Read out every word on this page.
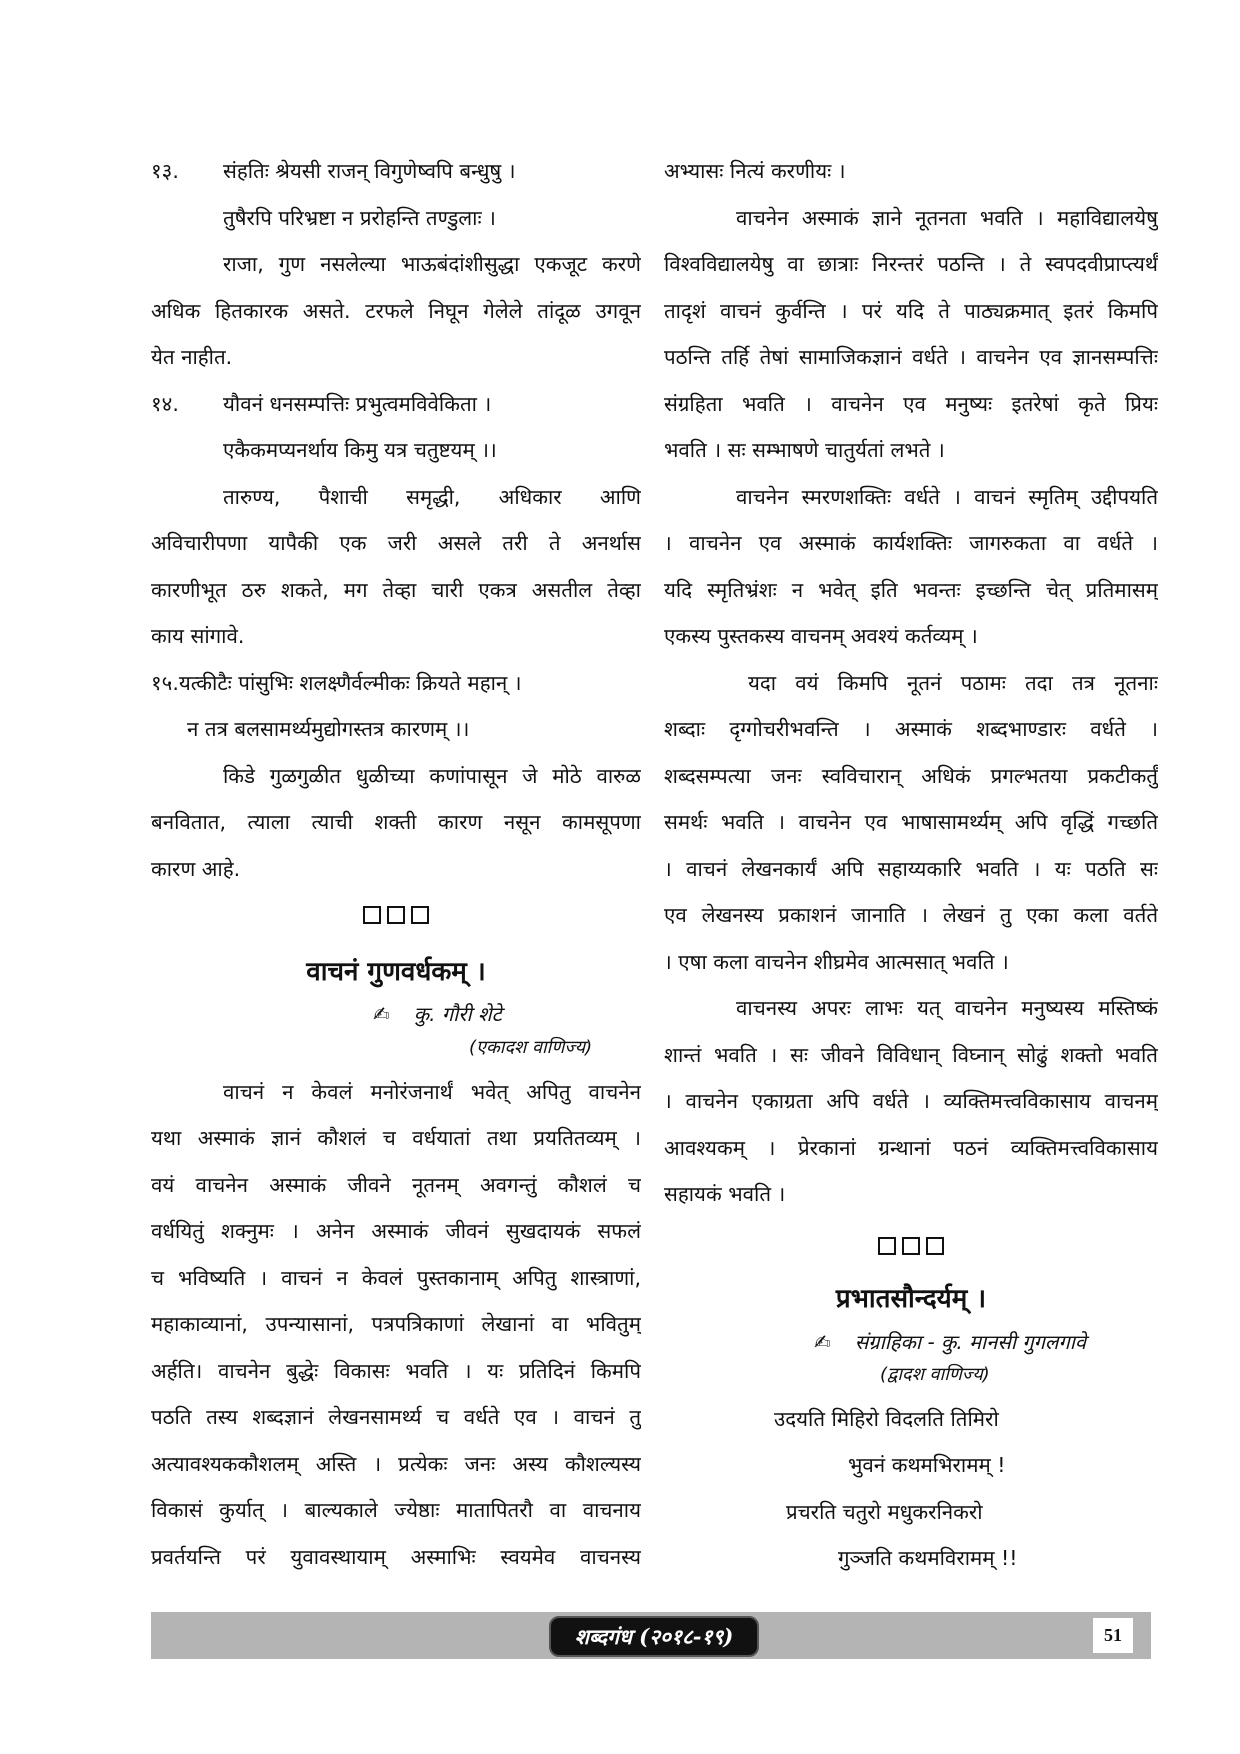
१३. संहतिः श्रेयसी राजन् विगुणेष्वपि बन्धुषु ।
तुषैरपि परिभ्रष्टा न प्ररोहन्ति तण्डुलाः ।
राजा, गुण नसलेल्या भाऊबंदांशीसुद्धा एकजूट करणे
अधिक हितकारक असते. टरफले निघून गेलेले तांदूळ उगवून
येत नाहीत.
१४. यौवनं धनसम्पत्तिः प्रभुत्वमविवेकिता ।
एकैकमप्यनर्थाय किमु यत्र चतुष्टयम् ।।
तारुण्य, पैशाची समृद्धी, अधिकार आणि
अविचारीपणा यापैकी एक जरी असले तरी ते अनर्थास
कारणीभूत ठरु शकते, मग तेव्हा चारी एकत्र असतील तेव्हा
काय सांगावे.
१५.यत्कीटैः पांसुभिः शलक्ष्णैर्वल्मीकः क्रियते महान् ।
न तत्र बलसामर्थ्यमुद्योगस्तत्र कारणम् ।।
किडे गुळगुळीत धुळीच्या कणांपासून जे मोठे वारुळ
बनवितात, त्याला त्याची शक्ती कारण नसून कामसूपणा
कारण आहे.
वाचनं गुणवर्धकम् ।
✍ कु. गौरी शेटे
(एकादश वाणिज्य)
वाचनं न केवलं मनोरंजनार्थं भवेत् अपितु वाचनेन
यथा अस्माकं ज्ञानं कौशलं च वर्धयातां तथा प्रयतितव्यम् ।
वयं वाचनेन अस्माकं जीवने नूतनम् अवगन्तुं कौशलं च
वर्धयितुं शक्नुमः । अनेन अस्माकं जीवनं सुखदायकं सफलं
च भविष्यति । वाचनं न केवलं पुस्तकानाम् अपितु शास्त्राणां,
महाकाव्यानां, उपन्यासानां, पत्रपत्रिकाणां लेखानां वा भवितुम्
अर्हति। वाचनेन बुद्धेः विकासः भवति । यः प्रतिदिनं किमपि
पठति तस्य शब्दज्ञानं लेखनसामर्थ्य च वर्धते एव । वाचनं तु
अत्यावश्यककौशलम् अस्ति । प्रत्येकः जनः अस्य कौशल्यस्य
विकासं कुर्यात् । बाल्यकाले ज्येष्ठाः मातापितरौ वा वाचनाय
प्रवर्तयन्ति परं युवावस्थायाम् अस्माभिः स्वयमेव वाचनस्य
अभ्यासः नित्यं करणीयः ।
वाचनेन अस्माकं ज्ञाने नूतनता भवति । महाविद्यालयेषु
विश्वविद्यालयेषु वा छात्राः निरन्तरं पठन्ति । ते स्वपदवीप्राप्त्यर्थं
तादृशं वाचनं कुर्वन्ति । परं यदि ते पाठ्यक्रमात् इतरं किमपि
पठन्ति तर्हि तेषां सामाजिकज्ञानं वर्धते । वाचनेन एव ज्ञानसम्पत्तिः
संग्रहिता भवति । वाचनेन एव मनुष्यः इतरेषां कृते प्रियः
भवति । सः सम्भाषणे चातुर्यतां लभते ।
वाचनेन स्मरणशक्तिः वर्धते । वाचनं स्मृतिम् उद्दीपयति
। वाचनेन एव अस्माकं कार्यशक्तिः जागरुकता वा वर्धते ।
यदि स्मृतिभ्रंशः न भवेत् इति भवन्तः इच्छन्ति चेत् प्रतिमासम्
एकस्य पुस्तकस्य वाचनम् अवश्यं कर्तव्यम् ।
यदा वयं किमपि नूतनं पठामः तदा तत्र नूतनाः
शब्दाः दृग्गोचरीभवन्ति । अस्माकं शब्दभाण्डारः वर्धते ।
शब्दसम्पत्या जनः स्वविचारान् अधिकं प्रगल्भतया प्रकटीकर्तुं
समर्थः भवति । वाचनेन एव भाषासामर्थ्यम् अपि वृद्धिं गच्छति
। वाचनं लेखनकार्यं अपि सहाय्यकारि भवति । यः पठति सः
एव लेखनस्य प्रकाशनं जानाति । लेखनं तु एका कला वर्तते
। एषा कला वाचनेन शीघ्रमेव आत्मसात् भवति ।
वाचनस्य अपरः लाभः यत् वाचनेन मनुष्यस्य मस्तिष्कं
शान्तं भवति । सः जीवने विविधान् विघ्नान् सोढुं शक्तो भवति
। वाचनेन एकाग्रता अपि वर्धते । व्यक्तिमत्त्वविकासाय वाचनम्
आवश्यकम् । प्रेरकानां ग्रन्थानां पठनं व्यक्तिमत्त्वविकासाय
सहायकं भवति ।
प्रभातसौन्दर्यम् ।
✍ संग्राहिका - कु. मानसी गुगलगावे
(द्वादश वाणिज्य)
उदयति मिहिरो विदलति तिमिरो
भुवनं कथमभिरामम् !
प्रचरति चतुरो मधुकरनिकरो
गुञ्जति कथमविरामम् !!
शब्दगंध (२०१८-१९)	51
